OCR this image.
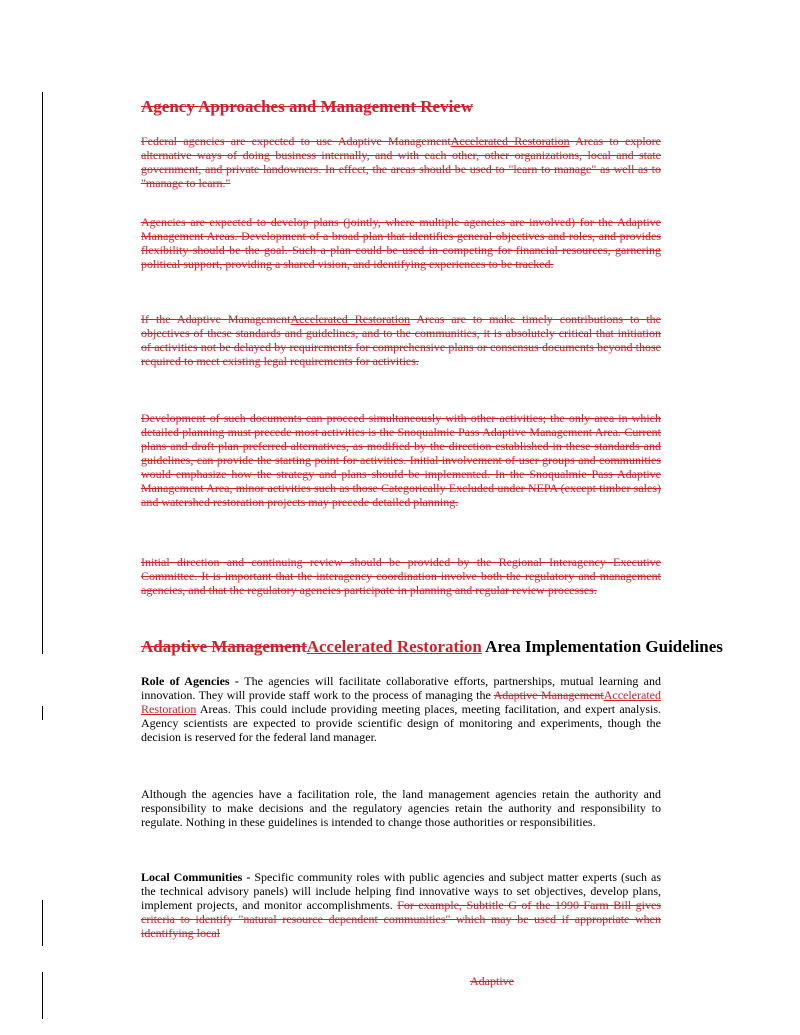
Agency Approaches and Management Review

Federal agencies are expected to use Adaptive ManagementAccelerated Restoration Areas to explore alternative ways of doing business internally, and with each other, other organizations, local and state government, and private landowners. In effect, the areas should be used to "learn to manage" as well as to "manage to learn."

Agencies are expected to develop plans (jointly, where multiple agencies are involved) for the Adaptive Management Areas. Development of a broad plan that identifies general objectives and roles, and provides flexibility should be the goal. Such a plan could be used in competing for financial resources, garnering political support, providing a shared vision, and identifying experiences to be tracked.

If the Adaptive ManagementAccelerated Restoration Areas are to make timely contributions to the objectives of these standards and guidelines, and to the communities, it is absolutely critical that initiation of activities not be delayed by requirements for comprehensive plans or consensus documents beyond those required to meet existing legal requirements for activities.

Development of such documents can proceed simultaneously with other activities; the only area in which detailed planning must precede most activities is the Snoqualmie Pass Adaptive Management Area. Current plans and draft plan preferred alternatives, as modified by the direction established in these standards and guidelines, can provide the starting point for activities. Initial involvement of user groups and communities would emphasize how the strategy and plans should be implemented. In the Snoqualmie Pass Adaptive Management Area, minor activities such as those Categorically Excluded under NEPA (except timber sales) and watershed restoration projects may precede detailed planning.

Initial direction and continuing review should be provided by the Regional Interagency Executive Committee. It is important that the interagency coordination involve both the regulatory and management agencies, and that the regulatory agencies participate in planning and regular review processes.

Adaptive ManagementAccelerated Restoration Area Implementation Guidelines

Role of Agencies - The agencies will facilitate collaborative efforts, partnerships, mutual learning and innovation. They will provide staff work to the process of managing the Adaptive ManagementAccelerated Restoration Areas. This could include providing meeting places, meeting facilitation, and expert analysis. Agency scientists are expected to provide scientific design of monitoring and experiments, though the decision is reserved for the federal land manager.

Although the agencies have a facilitation role, the land management agencies retain the authority and responsibility to make decisions and the regulatory agencies retain the authority and responsibility to regulate. Nothing in these guidelines is intended to change those authorities or responsibilities.

Local Communities - Specific community roles with public agencies and subject matter experts (such as the technical advisory panels) will include helping find innovative ways to set objectives, develop plans, implement projects, and monitor accomplishments. For example, Subtitle G of the 1990 Farm Bill gives criteria to identify "natural resource dependent communities" which may be used if appropriate when identifying local

Adaptive
